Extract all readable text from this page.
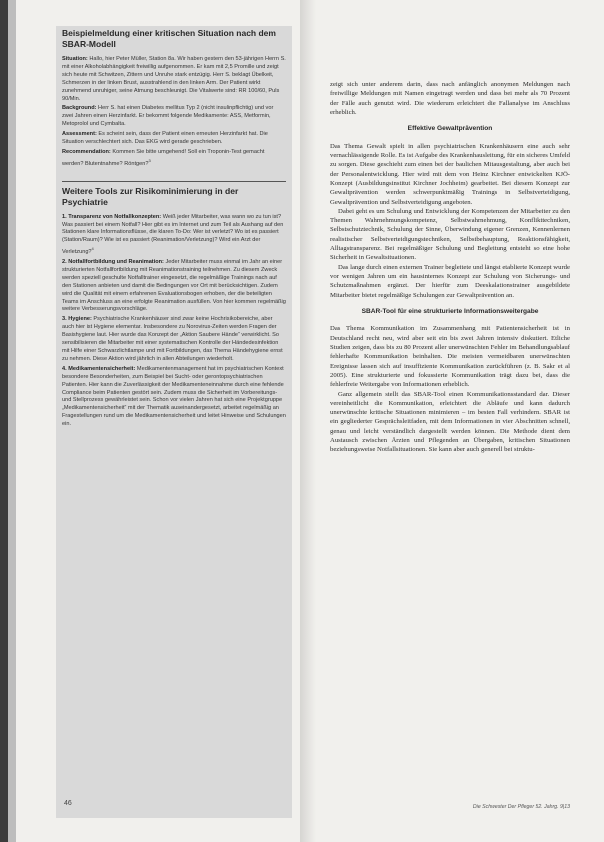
Beispielmeldung einer kritischen Situation nach dem SBAR-Modell

Situation: Hallo, hier Peter Müller, Station 8a. Wir haben gestern den 53-jährigen Herrn S. mit einer Alkoholabhängigkeit freiwillig aufgenommen. Er kam mit 2,5 Promille und zeigt sich heute mit Schwitzen, Zittern und Unruhe stark entzügig. Herr S. beklagt Übelkeit, Schmerzen in der linken Brust, ausstrahlend in den linken Arm. Der Patient wirkt zunehmend unruhiger, seine Atmung beschleunigt. Die Vitalwerte sind: RR 100/60, Puls 90/Min.

Background: Herr S. hat einen Diabetes mellitus Typ 2 (nicht insulinpflichtig) und vor zwei Jahren einen Herzinfarkt. Er bekommt folgende Medikamente: ASS, Metformin, Metoprolol und Cymbalta.

Assessment: Es scheint sein, dass der Patient einen erneuten Herzinfarkt hat. Die Situation verschlechtert sich. Das EKG wird gerade geschrieben.

Recommendation: Kommen Sie bitte umgehend! Soll ein Troponin-Test gemacht werden? Blutentnahme? Röntgen?$^3$

Weitere Tools zur Risikominimierung in der Psychiatrie

1. Transparenz von Notfallkonzepten: Weiß jeder Mitarbeiter, was wann wo zu tun ist? Was passiert bei einem Notfall? Hier gibt es im Internet und zum Teil als Aushang auf den Stationen klare Informationsflüsse, die klaren To-Do: Wer ist verletzt? Wo ist es passiert (Station/Raum)? Wie ist es passiert (Reanimation/Verletzung)? Wird ein Arzt der Verletzung?$^4$

2. Notfallfortbildung und Reanimation: Jeder Mitarbeiter muss einmal im Jahr an einer strukturierten Notfallfortbildung mit Reanimationstraining teilnehmen. Zu diesem Zweck werden speziell geschulte Notfalltrainer eingesetzt, die regelmäßige Trainings nach auf den Stationen anbieten und damit die Bedingungen vor Ort mit berücksichtigen. Zudem wird die Qualität mit einem erfahrenen Evaluationsbogen erhoben, der die beteiligten Teams im Anschluss an eine erfolgte Reanimation ausfüllen. Von hier kommen regelmäßig weitere Verbesserungsvorschläge.

3. Hygiene: Psychiatrische Krankenhäuser sind zwar keine Hochrisikobereiche, aber auch hier ist Hygiene elementar. Insbesondere zu Norovirus-Zeiten werden Fragen der Basishygiene laut. Hier wurde das Konzept der „Aktion Saubere Hände“ verwirklicht. So sensibilisieren die Mitarbeiter mit einer systematischen Kontrolle der Händedesinfektion mit Hilfe einer Schwarzlichtlampe und mit Fortbildungen, das Thema Händehygiene ernst zu nehmen. Diese Aktion wird jährlich in allen Abteilungen wiederholt.

4. Medikamentensicherheit: Medikamentenmanagement hat im psychiatrischen Kontext besondere Besonderheiten, zum Beispiel bei Sucht- oder gerontopsychiatrischen Patienten. Hier kann die Zuverlässigkeit der Medikamenteneinnahme durch eine fehlende Compliance beim Patienten gestört sein. Zudem muss die Sicherheit im Vorbereitungs- und Stellprozess gewährleistet sein. Schon vor vielen Jahren hat sich eine Projektgruppe „Medikamentensicherheit“ mit der Thematik auseinandergesetzt, arbeitet regelmäßig an Fragestellungen rund um die Medikamentensicherheit und leitet Hinweise und Schulungen ein.

zeigt sich unter anderem darin, dass nach anfänglich anonymen Meldungen nach freiwillige Meldungen mit Namen eingetragt werden und dass bei mehr als 70 Prozent der Fälle auch genutzt wird. Die wiederum erleichtert die Fallanalyse im Anschluss erheblich.

Effektive Gewaltprävention

Das Thema Gewalt spielt in allen psychiatrischen Krankenhäusern eine auch sehr vernachlässigende Rolle. Es ist Aufgabe des Krankenhausleitung, für ein sicheres Umfeld zu sorgen. Diese geschieht zum einen bei der baulichen Mitausgestaltung, aber auch bei der Personalentwicklung. Hier wird mit dem von Heinz Kirchner entwickelten KJÖ-Konzept (Ausbildungsinstitut Kirchner Jochheim) gearbeitet. Bei diesem Konzept zur Gewaltprävention werden schwerpunktmäßig Trainings in Selbstverteidigung, Gewaltprävention und Selbstverteidigung angeboten.

Dabei geht es um Schulung und Entwicklung der Kompetenzen der Mitarbeiter zu den Themen Wahrnehmungskompetenz, Selbstwahrnehmung, Konflikttechniken, Selbstschutztechnik, Schulung der Sinne, Überwindung eigener Grenzen, Kennenlernen realistischer Selbstverteidigungstechniken, Selbstbehauptung, Reaktionsfähigkeit, Alltagstransparenz. Bei regelmäßiger Schulung und Begleitung entsteht so eine hohe Sicherheit in Gewaltsituationen.

Das lange durch einen externen Trainer begleitete und längst etablierte Konzept wurde vor wenigen Jahren um ein hausinternes Konzept zur Schulung von Sicherungs- und Schutzmaßnahmen ergänzt. Der hierfür zum Deeskalationstrainer ausgebildete Mitarbeiter bietet regelmäßige Schulungen zur Gewaltprävention an.

SBAR-Tool für eine strukturierte Informationsweitergabe

Das Thema Kommunikation im Zusammenhang mit Patientensicherheit ist in Deutschland recht neu, wird aber seit ein bis zwei Jahren intensiv diskutiert. Etliche Studien zeigen, dass bis zu 80 Prozent aller unerwünschten Fehler im Behandlungsablauf fehlerhafte Kommunikation beinhalten. Die meisten vermeidbaren unerwünschten Ereignisse lassen sich auf insuffiziente Kommunikation zurückführen (z. B. Sakr et al 2005). Eine strukturierte und fokussierte Kommunikation trägt dazu bei, dass die fehlerfreie Weitergabe von Informationen erheblich.

Ganz allgemein stellt das SBAR-Tool einen Kommunikationsstandard dar. Dieser vereinheitlicht die Kommunikation, erleichtert die Abläufe und kann dadurch unerwünschte kritische Situationen minimieren – im besten Fall verhindern. SBAR ist ein gegliederter Gesprächsleitfaden, mit dem Informationen in vier Abschnitten schnell, genau und leicht verständlich dargestellt werden können. Die Methode dient dem Austausch zwischen Ärzten und Pflegenden an Übergaben, kritischen Situationen beziehungsweise Notfallsituationen. Sie kann aber auch generell bei struktu-

46	Die Schwester Der Pfleger 52. Jahrg. 9|13
